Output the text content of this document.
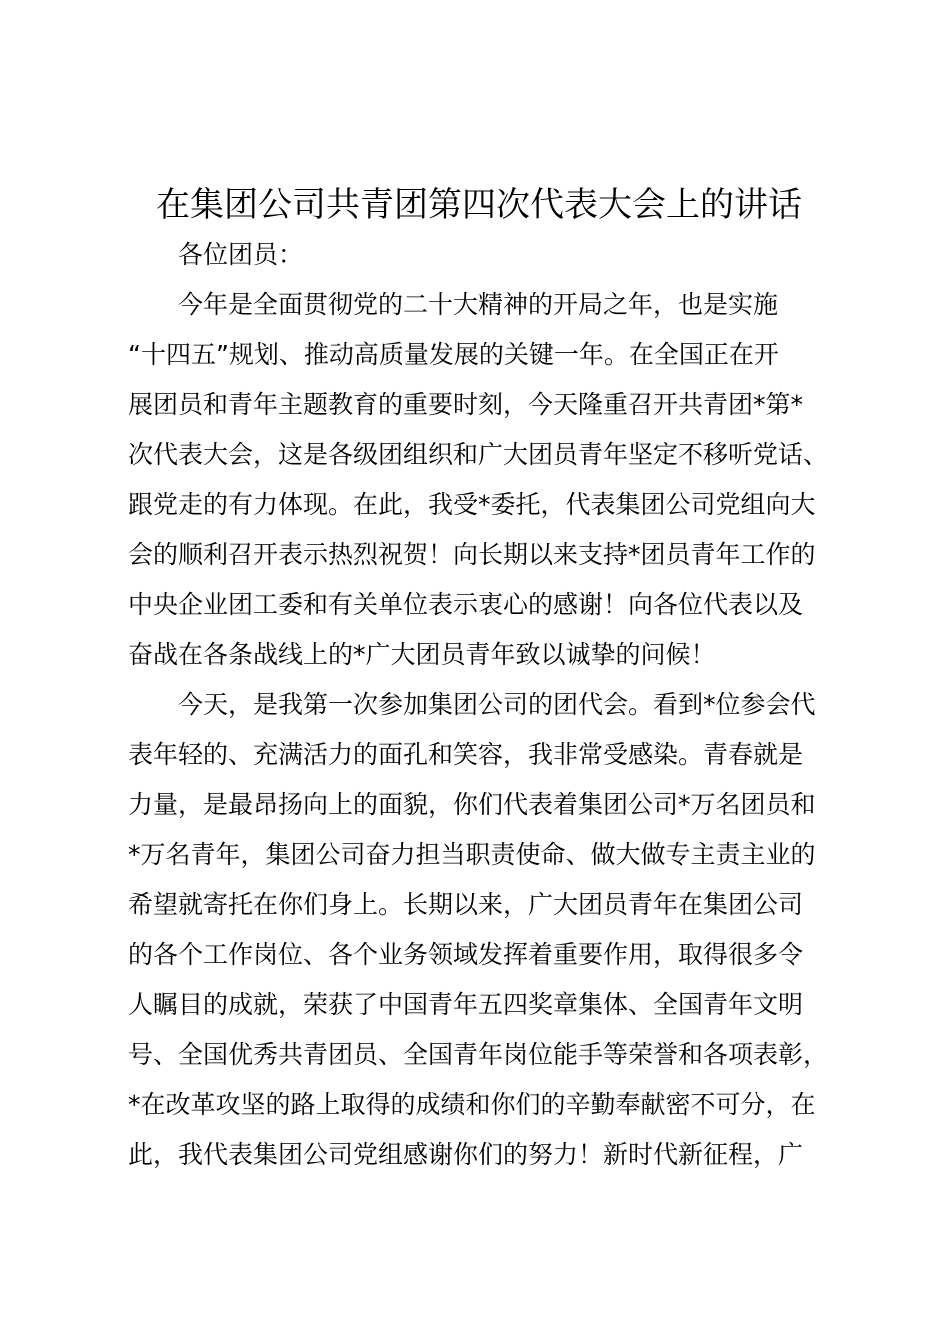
在集团公司共青团第四次代表大会上的讲话
各位团员：
今年是全面贯彻党的二十大精神的开局之年，也是实施
“十四五”规划、推动高质量发展的关键一年。在全国正在开
展团员和青年主题教育的重要时刻，今天隆重召开共青团*第*
次代表大会，这是各级团组织和广大团员青年坚定不移听党话、
跟党走的有力体现。在此，我受*委托，代表集团公司党组向大
会的顺利召开表示热烈祝贺！向长期以来支持*团员青年工作的
中央企业团工委和有关单位表示衷心的感谢！向各位代表以及
奋战在各条战线上的*广大团员青年致以诚挚的问候！
今天，是我第一次参加集团公司的团代会。看到*位参会代
表年轻的、充满活力的面孔和笑容，我非常受感染。青春就是
力量，是最昂扬向上的面貌，你们代表着集团公司*万名团员和
*万名青年，集团公司奋力担当职责使命、做大做专主责主业的
希望就寄托在你们身上。长期以来，广大团员青年在集团公司
的各个工作岗位、各个业务领域发挥着重要作用，取得很多令
人瞩目的成就，荣获了中国青年五四奖章集体、全国青年文明
号、全国优秀共青团员、全国青年岗位能手等荣誉和各项表彰，
*在改革攻坚的路上取得的成绩和你们的辛勤奉献密不可分，在
此，我代表集团公司党组感谢你们的努力！新时代新征程，广
